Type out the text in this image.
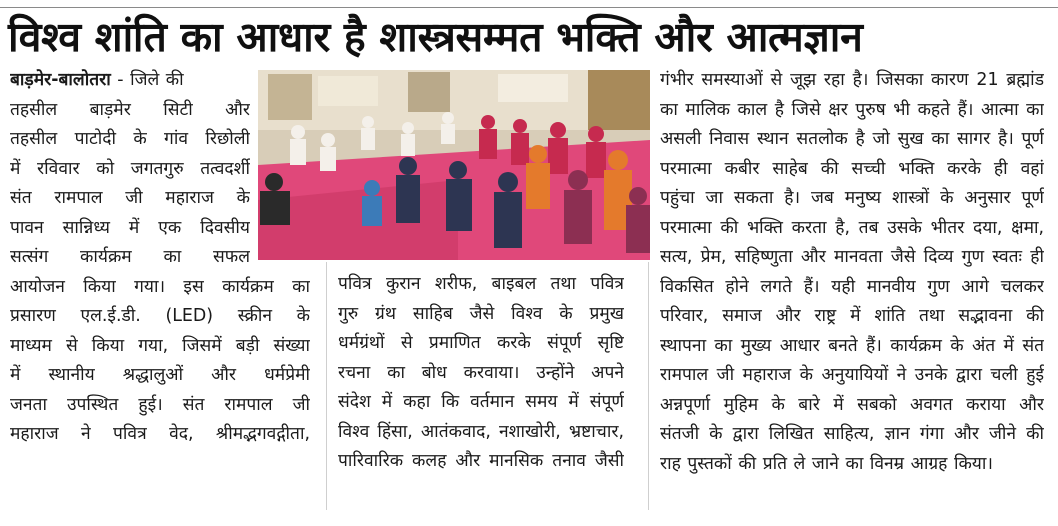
विश्व शांति का आधार है शास्त्रसम्मत भक्ति और आत्मज्ञान
बाड़मेर-बालोतरा - जिले की
तहसील बाड़मेर सिटी और
तहसील पाटोदी के गांव रिछोली
में रविवार को जगतगुरु तत्वदर्शी
संत रामपाल जी महाराज के
पावन सान्निध्य में एक दिवसीय
सत्संग कार्यक्रम का सफल
आयोजन किया गया। इस कार्यक्रम का
प्रसारण एल.ई.डी. (LED) स्क्रीन के
माध्यम से किया गया, जिसमें बड़ी संख्या
में स्थानीय श्रद्धालुओं और धर्मप्रेमी
जनता उपस्थित हुई। संत रामपाल जी
महाराज ने पवित्र वेद, श्रीमद्भगवद्गीता,
पवित्र कुरान शरीफ, बाइबल तथा पवित्र
गुरु ग्रंथ साहिब जैसे विश्व के प्रमुख
धर्मग्रंथों से प्रमाणित करके संपूर्ण सृष्टि
रचना का बोध करवाया। उन्होंने अपने
संदेश में कहा कि वर्तमान समय में संपूर्ण
विश्व हिंसा, आतंकवाद, नशाखोरी, भ्रष्टाचार,
पारिवारिक कलह और मानसिक तनाव जैसी
गंभीर समस्याओं से जूझ रहा है। जिसका कारण 21 ब्रह्मांड
का मालिक काल है जिसे क्षर पुरुष भी कहते हैं। आत्मा का
असली निवास स्थान सतलोक है जो सुख का सागर है। पूर्ण
परमात्मा कबीर साहेब की सच्ची भक्ति करके ही वहां
पहुंचा जा सकता है। जब मनुष्य शास्त्रों के अनुसार पूर्ण
परमात्मा की भक्ति करता है, तब उसके भीतर दया, क्षमा,
सत्य, प्रेम, सहिष्णुता और मानवता जैसे दिव्य गुण स्वतः ही
विकसित होने लगते हैं। यही मानवीय गुण आगे चलकर
परिवार, समाज और राष्ट्र में शांति तथा सद्भावना की
स्थापना का मुख्य आधार बनते हैं। कार्यक्रम के अंत में संत
रामपाल जी महाराज के अनुयायियों ने उनके द्वारा चली हुई
अन्नपूर्णा मुहिम के बारे में सबको अवगत कराया और
संतजी के द्वारा लिखित साहित्य, ज्ञान गंगा और जीने की
राह पुस्तकों की प्रति ले जाने का विनम्र आग्रह किया।
